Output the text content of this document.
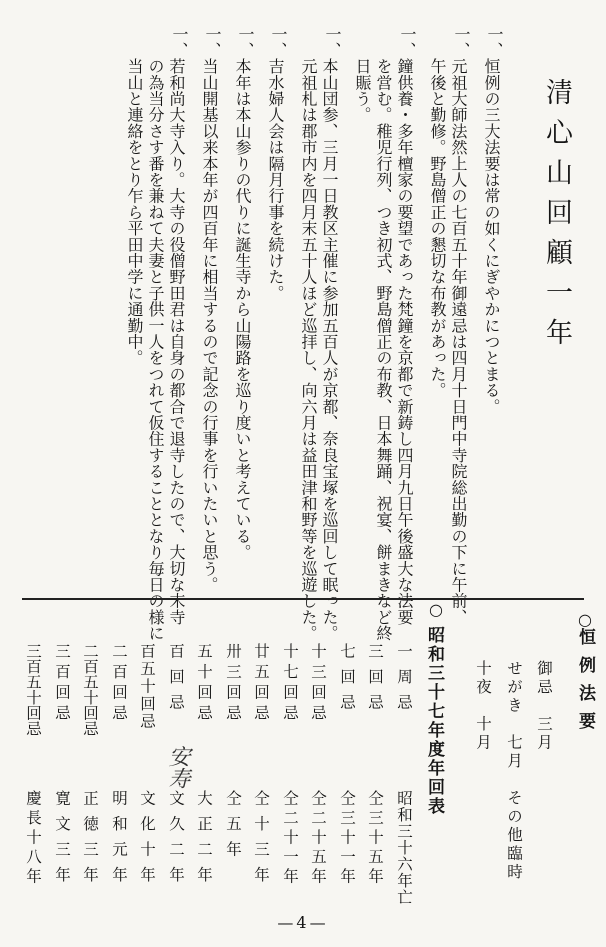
清心山回顧一年
一、
恒例の三大法要は常の如くにぎやかにつとまる。
一、
元祖大師法然上人の七百五十年御遠忌は四月十日門中寺院総出勤の下に午前、
午後と勤修。野島僧正の懇切な布教があった。
一、
鐘供養・多年檀家の要望であった梵鐘を京都で新鋳し四月九日午後盛大な法要
を営む。稚児行列、つき初式、野島僧正の布教、日本舞踊、祝宴、餅まきなど終
日賑う。
一、
本山団参、三月一日教区主催に参加五百人が京都、奈良宝塚を巡回して眠った。
元祖札は郡市内を四月末五十人ほど巡拝し、向六月は益田津和野等を巡遊した。
一、
吉水婦人会は隔月行事を続けた。
一、
本年は本山参りの代りに誕生寺から山陽路を巡り度いと考えている。
一、
当山開基以来本年が四百年に相当するので記念の行事を行いたいと思う。
一、
若和尚大寺入り。大寺の役僧野田君は自身の都合で退寺したので、大切な末寺
の為当分さす番を兼ねて夫妻と子供一人をつれて仮住することとなり毎日の様に
当山と連絡をとり乍ら平田中学に通勤中。
○
恒例法要
御忌　三月
せがき　七月　その他臨時
十夜　十月
○
昭和三十七年度年回表
一周忌
昭和三十六年亡
三回忌
仝三十五年
七回忌
仝三十一年
十三回忌
仝二十五年
十七回忌
仝二十一年
廿五回忌
仝十三年
卅三回忌
仝五年
五十回忌
大正二年
百回忌
文久二年
百五十回忌
文化十年
二百回忌
明和元年
二百五十回忌
正徳三年
三百回忌
寛文三年
三百五十回忌
慶長十八年
安寿
—4—
